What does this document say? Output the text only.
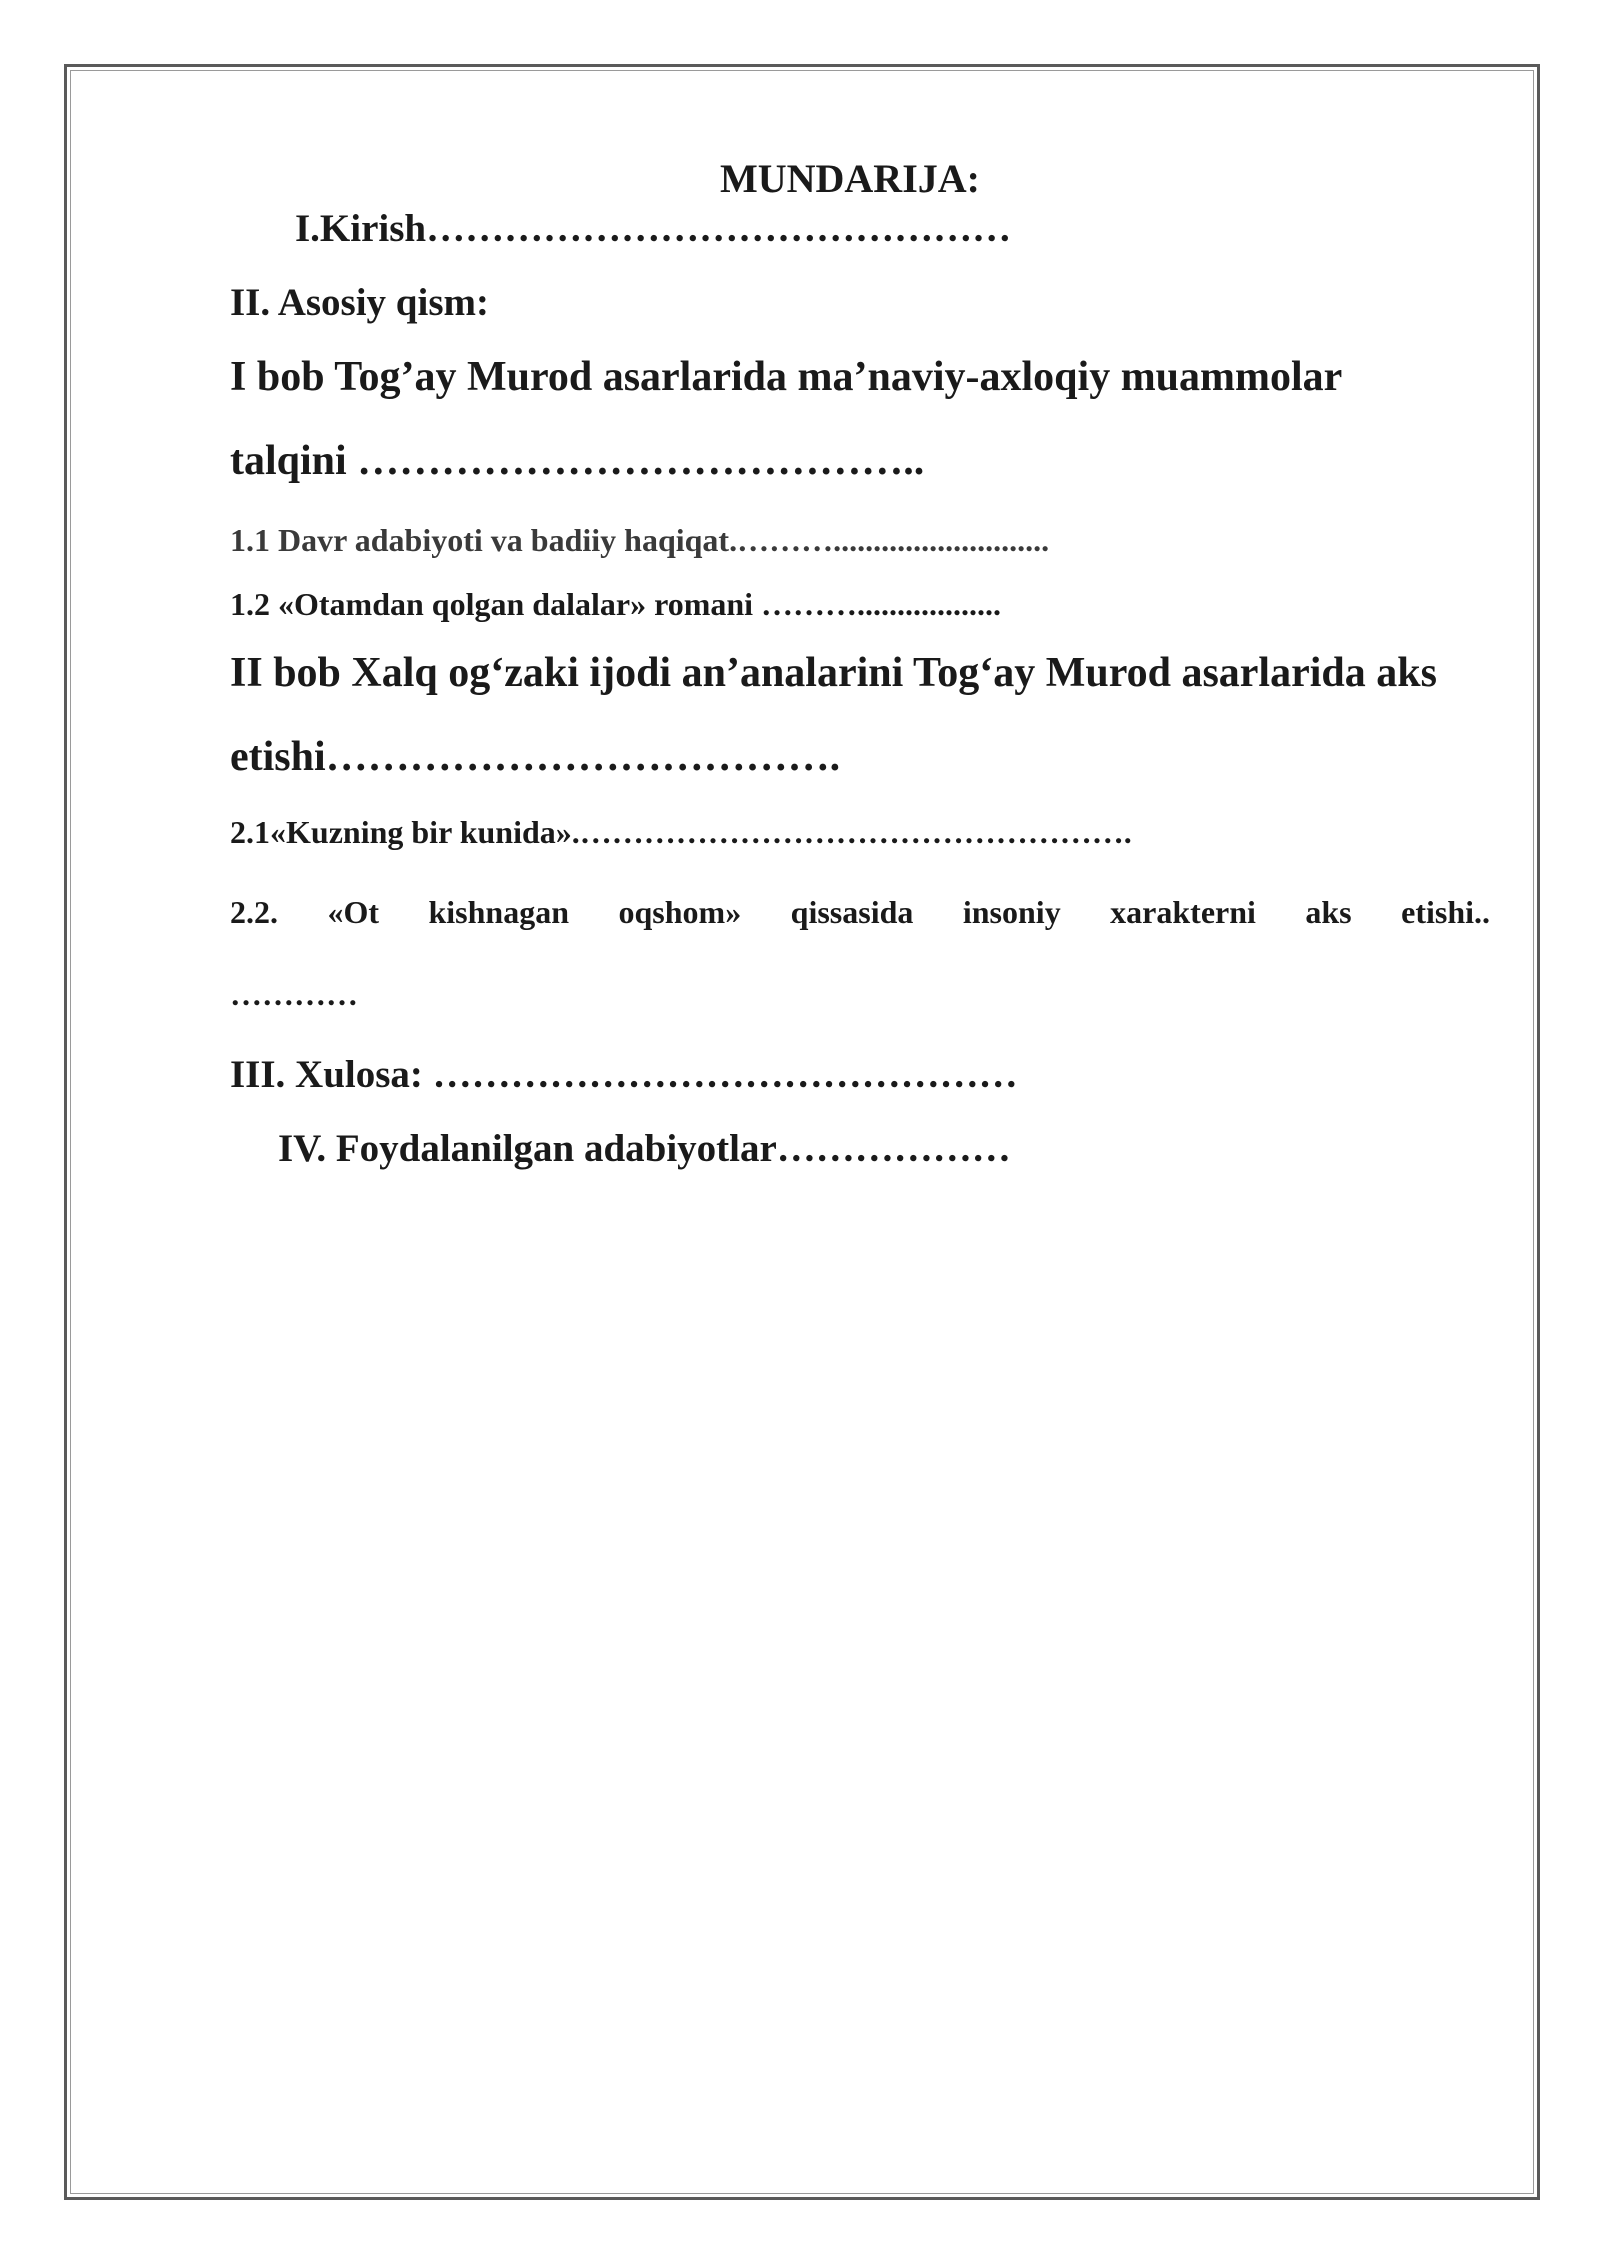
MUNDARIJA:

I.Kirish………………………………………

II. Asosiy qism:

I bob Tog’ay Murod asarlarida ma’naviy-axloqiy muammolar

talqini …………………………………..

1.1 Davr adabiyoti va badiiy haqiqat.………...........................

1.2 «Otamdan qolgan dalalar» romani ………..................

II bob Xalq og‘zaki ijodi an’analarini Tog‘ay Murod asarlarida aks

etishi……………………………….

2.1«Kuzning bir kunida».…………………………………………….

2.2. «Ot kishnagan oqshom» qissasida insoniy xarakterni aks etishi..

…………

III. Xulosa: ………………………………………

IV. Foydalanilgan adabiyotlar………………
